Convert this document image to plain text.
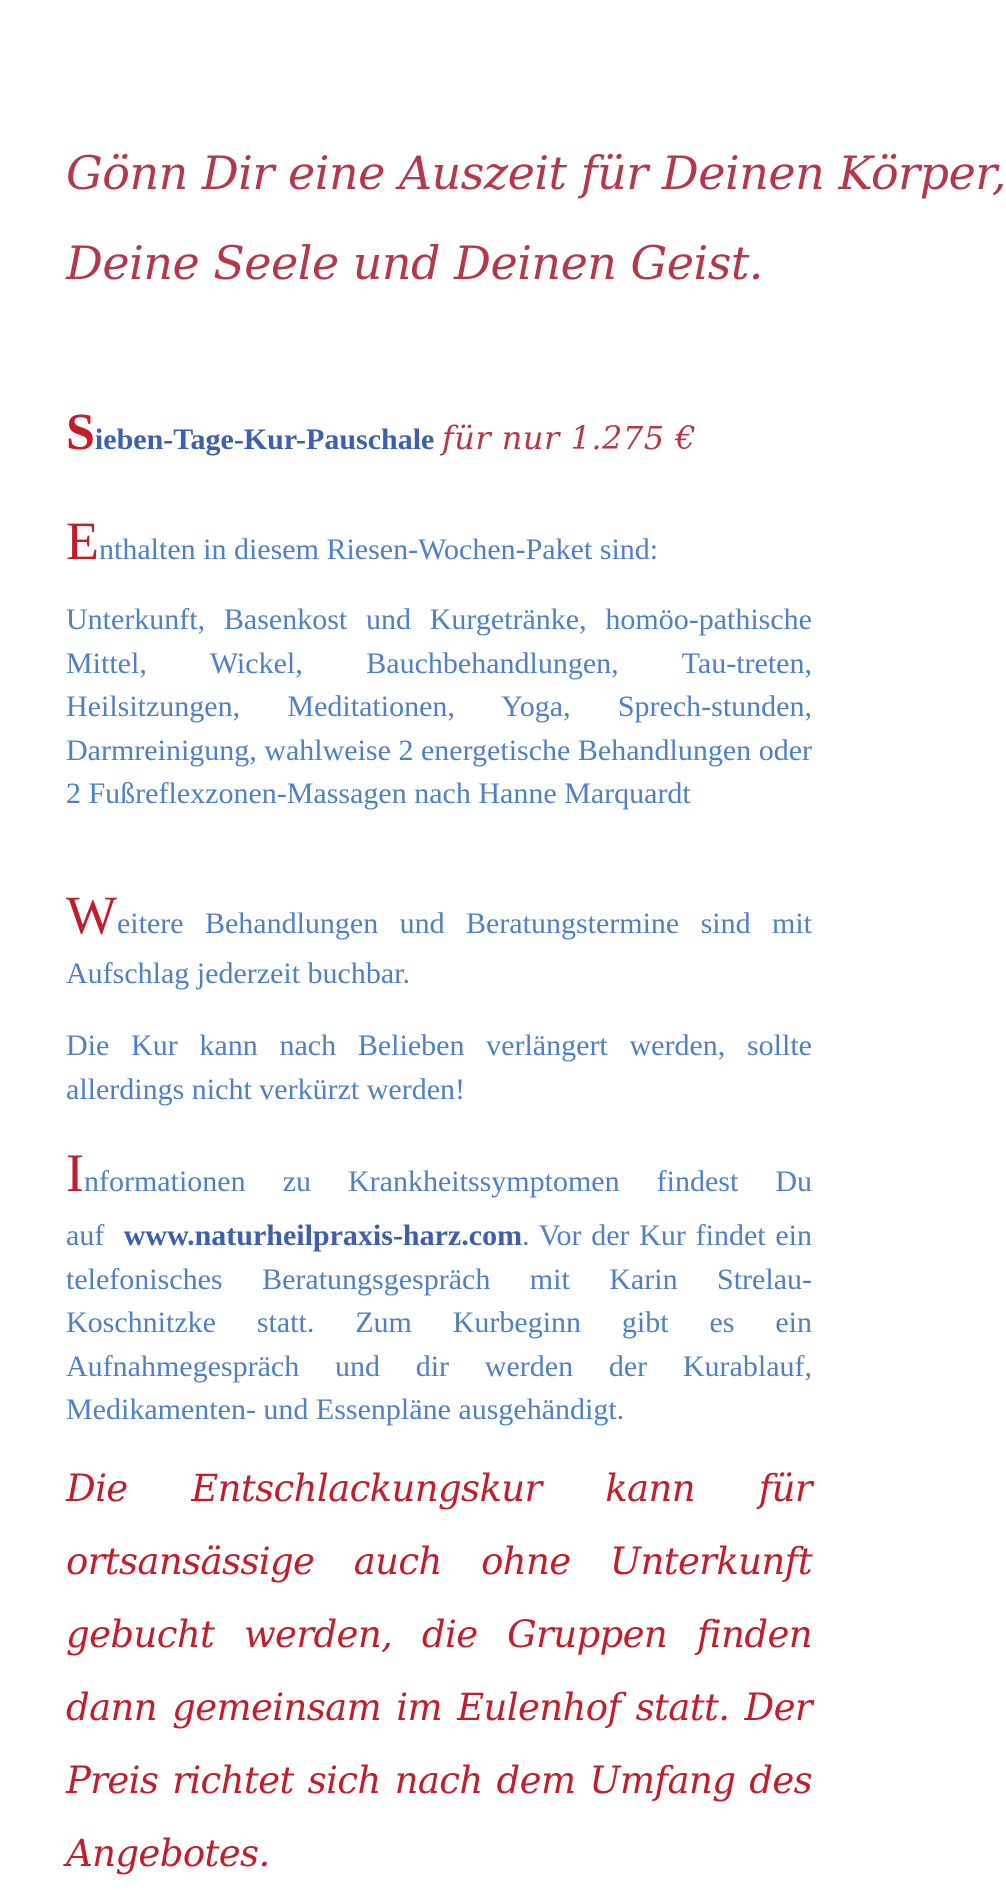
Gönn Dir eine Auszeit für Deinen Körper,
Deine Seele und Deinen Geist.
Sieben-Tage-Kur-Pauschale für nur 1.275 €
Enthalten in diesem Riesen-Wochen-Paket sind:
Unterkunft, Basenkost und Kurgetränke, homöo-pathische Mittel, Wickel, Bauchbehandlungen, Tau-treten, Heilsitzungen, Meditationen, Yoga, Sprech-stunden, Darmreinigung, wahlweise 2 energetische Behandlungen oder 2 Fußreflexzonen-Massagen nach Hanne Marquardt
Weitere Behandlungen und Beratungstermine sind mit Aufschlag jederzeit buchbar.
Die Kur kann nach Belieben verlängert werden, sollte allerdings nicht verkürzt werden!
Informationen zu Krankheitssymptomen findest Du
auf www.naturheilpraxis-harz.com. Vor der Kur findet ein telefonisches Beratungsgespräch mit Karin Strelau-Koschnitzke statt. Zum Kurbeginn gibt es ein Aufnahmegespräch und dir werden der Kurablauf, Medikamenten- und Essenpläne ausgehändigt.
Die Entschlackungskur kann für ortsansässige auch ohne Unterkunft gebucht werden, die Gruppen finden dann gemeinsam im Eulenhof statt. Der Preis richtet sich nach dem Umfang des Angebotes.
